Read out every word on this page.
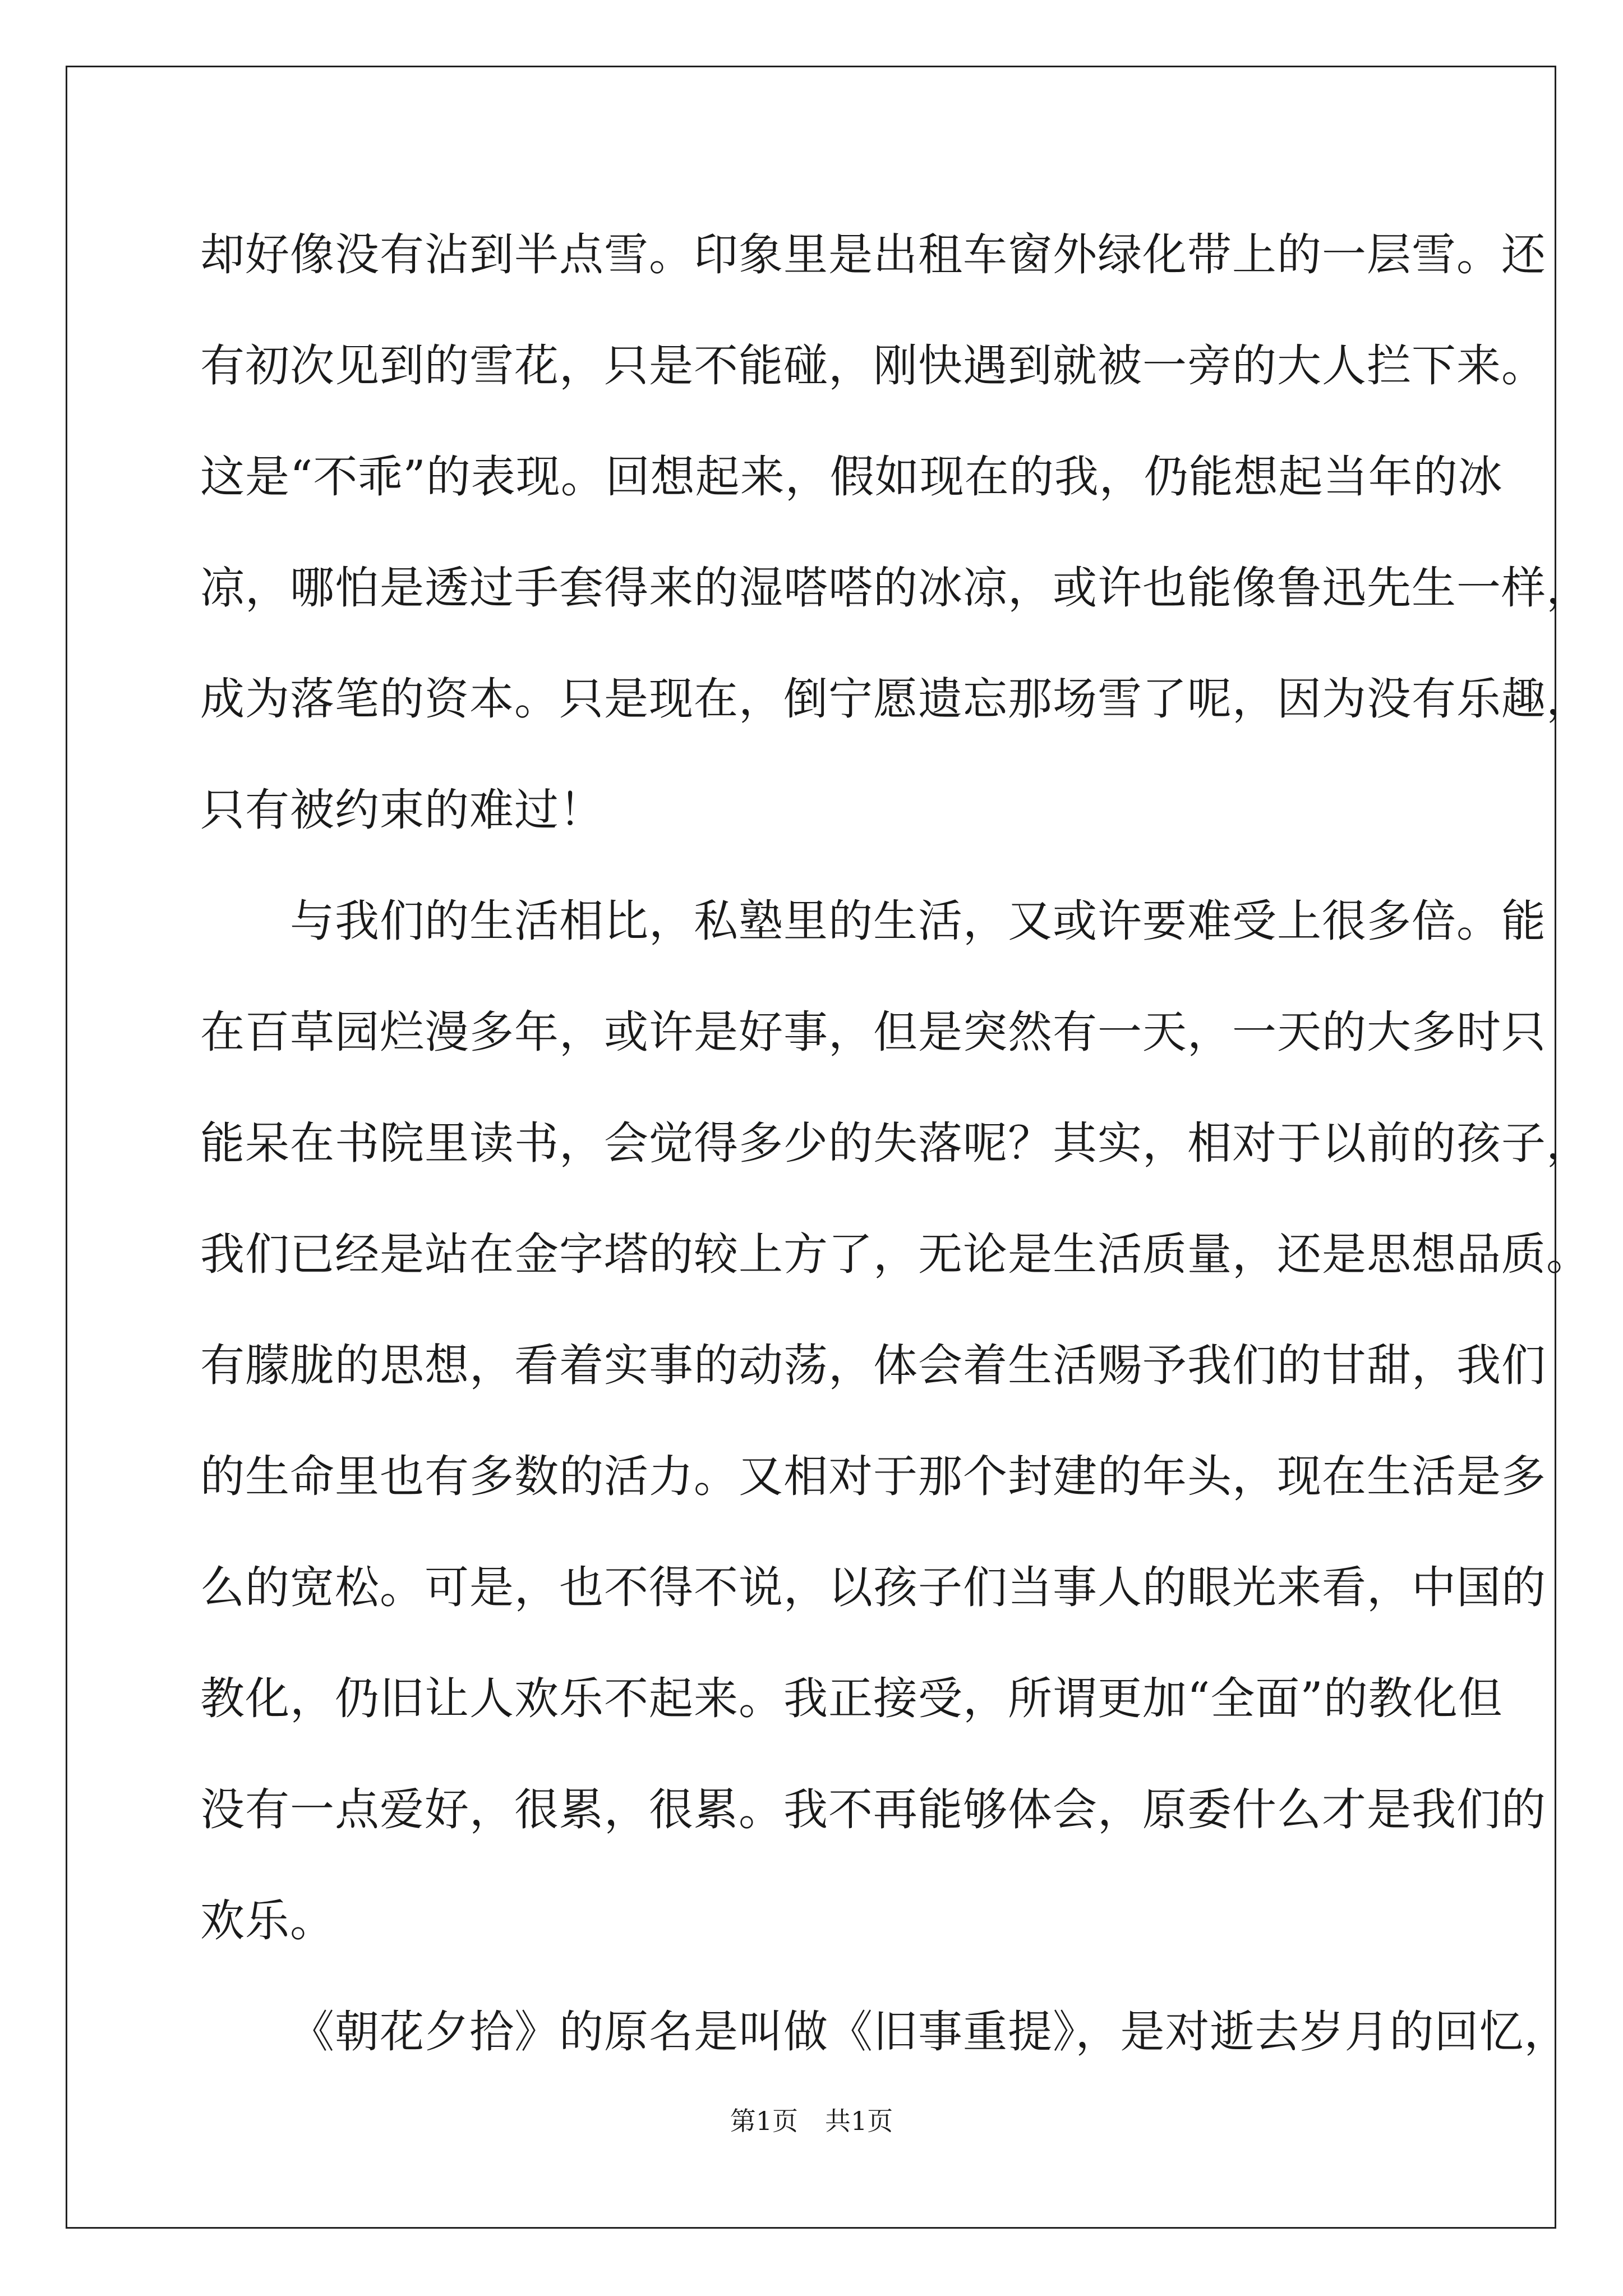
却好像没有沾到半点雪。印象里是出租车窗外绿化带上的一层雪。还
有初次见到的雪花，只是不能碰，刚快遇到就被一旁的大人拦下来。
这是“不乖”的表现。回想起来，假如现在的我，仍能想起当年的冰
凉，哪怕是透过手套得来的湿嗒嗒的冰凉，或许也能像鲁迅先生一样，
成为落笔的资本。只是现在，倒宁愿遗忘那场雪了呢，因为没有乐趣，
只有被约束的难过！
与我们的生活相比，私塾里的生活，又或许要难受上很多倍。能
在百草园烂漫多年，或许是好事，但是突然有一天，一天的大多时只
能呆在书院里读书，会觉得多少的失落呢？其实，相对于以前的孩子，
我们已经是站在金字塔的较上方了，无论是生活质量，还是思想品质。
有朦胧的思想，看着实事的动荡，体会着生活赐予我们的甘甜，我们
的生命里也有多数的活力。又相对于那个封建的年头，现在生活是多
么的宽松。可是，也不得不说，以孩子们当事人的眼光来看，中国的
教化，仍旧让人欢乐不起来。我正接受，所谓更加“全面”的教化但
没有一点爱好，很累，很累。我不再能够体会，原委什么才是我们的
欢乐。
《朝花夕拾》的原名是叫做《旧事重提》，是对逝去岁月的回忆，
第1页 共1页
